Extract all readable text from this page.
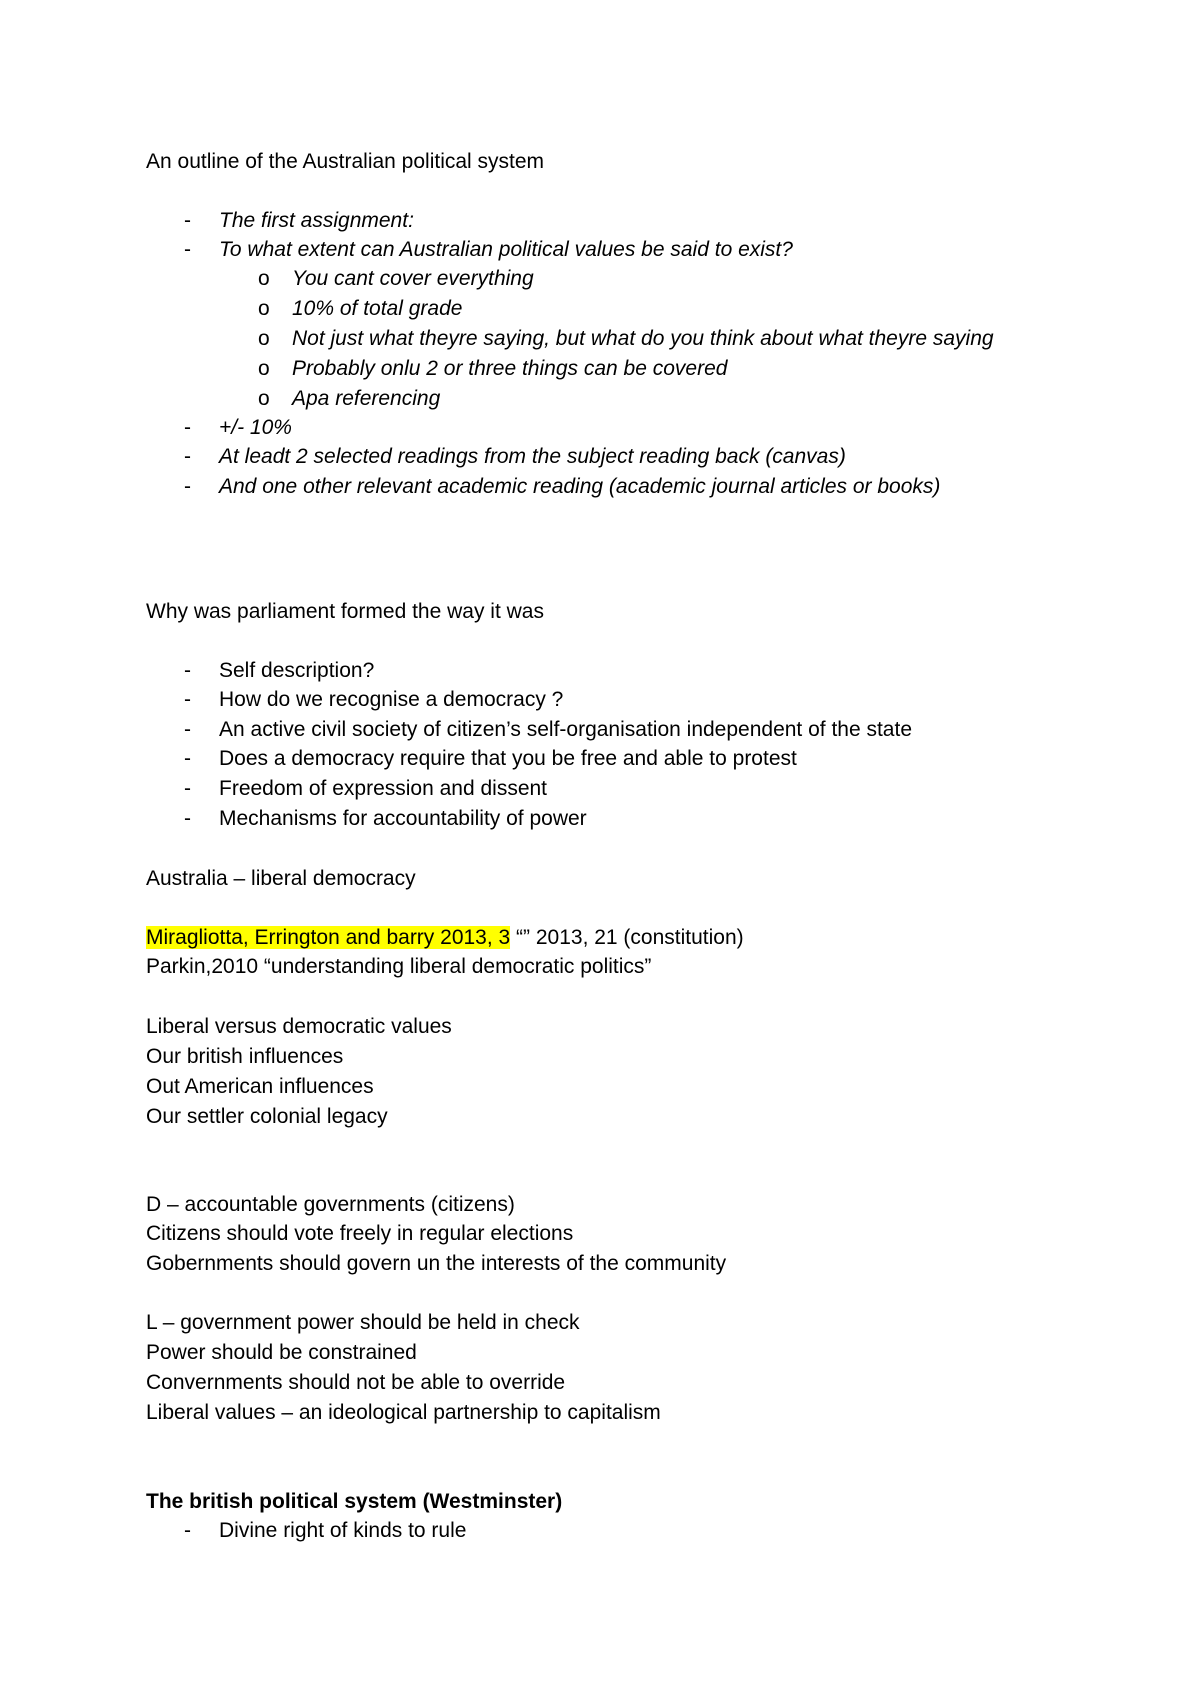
An outline of the Australian political system
- The first assignment:
- To what extent can Australian political values be said to exist?
o You cant cover everything
o 10% of total grade
o Not just what theyre saying, but what do you think about what theyre saying
o Probably onlu 2 or three things can be covered
o Apa referencing
- +/- 10%
- At leadt 2 selected readings from the subject reading back (canvas)
- And one other relevant academic reading (academic journal articles or books)
Why was parliament formed the way it was
- Self description?
- How do we recognise a democracy ?
- An active civil society of citizen’s self-organisation independent of the state
- Does a democracy require that you be free and able to protest
- Freedom of expression and dissent
- Mechanisms for accountability of power
Australia – liberal democracy
Miragliotta, Errington and barry 2013, 3 “” 2013, 21 (constitution)
Parkin,2010 “understanding liberal democratic politics”
Liberal versus democratic values
Our british influences
Out American influences
Our settler colonial legacy
D – accountable governments (citizens)
Citizens should vote freely in regular elections
Gobernments should govern un the interests of the community
L – government power should be held in check
Power should be constrained
Convernments should not be able to override
Liberal values – an ideological partnership to capitalism
The british political system (Westminster)
- Divine right of kinds to rule
